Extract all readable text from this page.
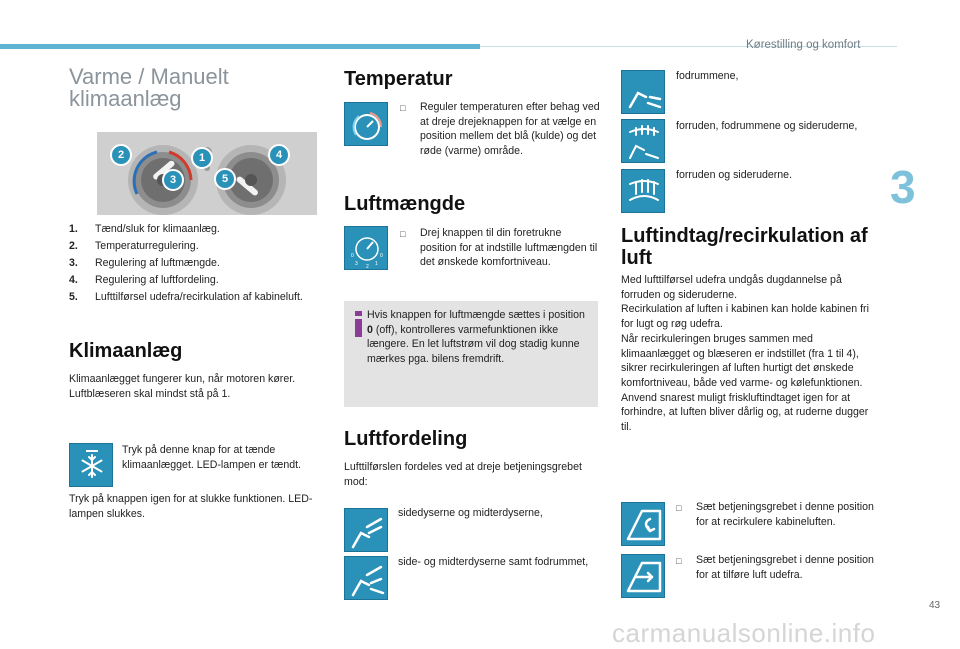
Kørestilling og komfort
3
Varme / Manuelt klimaanlæg
2	1	4
3	5
1.	Tænd/sluk for klimaanlæg.
2.	Temperaturregulering.
3.	Regulering af luftmængde.
4.	Regulering af luftfordeling.
5.	Lufttilførsel udefra/recirkulation af kabineluft.
Klimaanlæg
Klimaanlægget fungerer kun, når motoren kører. Luftblæseren skal mindst stå på 1.
Tryk på denne knap for at tænde klimaanlægget. LED-lampen er tændt.
Tryk på knappen igen for at slukke funktionen. LED-lampen slukkes.
Temperatur
□	Reguler temperaturen efter behag ved at dreje drejeknappen for at vælge en position mellem det blå (kulde) og det røde (varme) område.
Luftmængde
0
3 2 1
0
□	Drej knappen til din foretrukne position for at indstille luftmængden til det ønskede komfortniveau.
Hvis knappen for luftmængde sættes i position 0 (off), kontrolleres varmefunktionen ikke længere. En let luftstrøm vil dog stadig kunne mærkes pga. bilens fremdrift.
Luftfordeling
Lufttilførslen fordeles ved at dreje betjeningsgrebet mod:
sidedyserne og midterdyserne,
side- og midterdyserne samt fodrummet,
fodrummene,
forruden, fodrummene og sideruderne,
forruden og sideruderne.
Luftindtag/recirkulation af luft
Med lufttilførsel udefra undgås dugdannelse på forruden og sideruderne.
Recirkulation af luften i kabinen kan holde kabinen fri for lugt og røg udefra.
Når recirkuleringen bruges sammen med klimaanlægget og blæseren er indstillet (fra 1 til 4), sikrer recirkuleringen af luften hurtigt det ønskede komfortniveau, både ved varme- og kølefunktionen.
Anvend snarest muligt friskluftindtaget igen for at forhindre, at luften bliver dårlig og, at ruderne dugger til.
□	Sæt betjeningsgrebet i denne position for at recirkulere kabineluften.
□	Sæt betjeningsgrebet i denne position for at tilføre luft udefra.
43
carmanualsonline.info
